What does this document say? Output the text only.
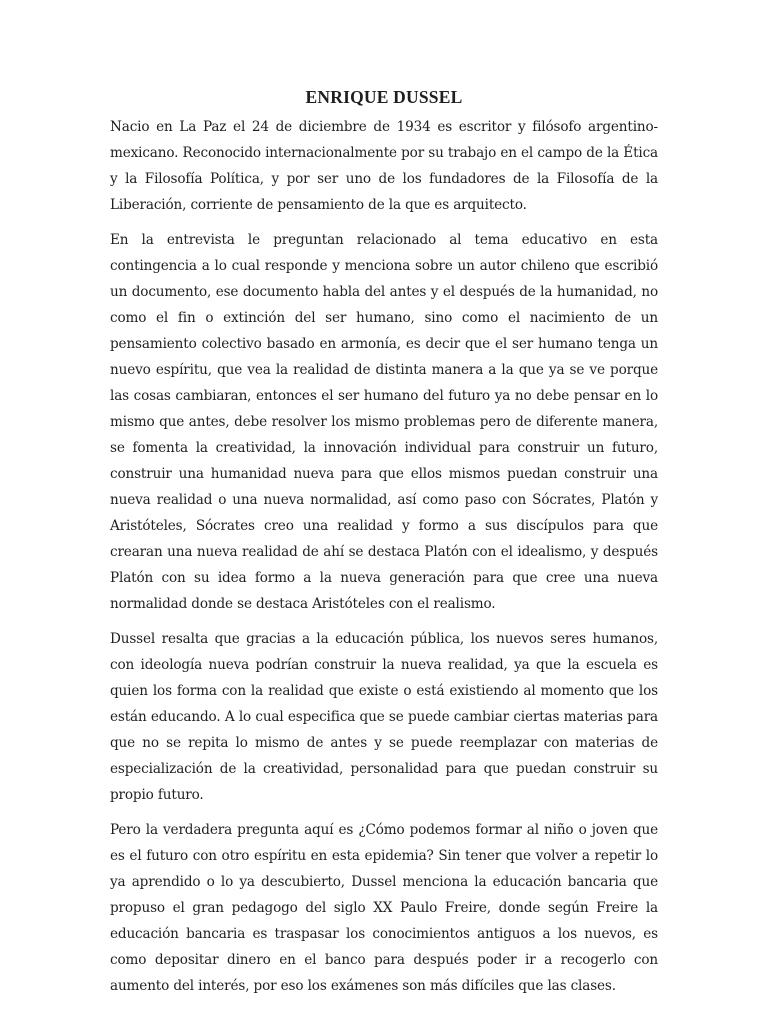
ENRIQUE DUSSEL

Nacio en La Paz el 24 de diciembre de 1934 es escritor y filósofo argentino-mexicano. Reconocido internacionalmente por su trabajo en el campo de la Ética y la Filosofía Política, y por ser uno de los fundadores de la Filosofía de la Liberación, corriente de pensamiento de la que es arquitecto.

En la entrevista le preguntan relacionado al tema educativo en esta contingencia a lo cual responde y menciona sobre un autor chileno que escribió un documento, ese documento habla del antes y el después de la humanidad, no como el fin o extinción del ser humano, sino como el nacimiento de un pensamiento colectivo basado en armonía, es decir que el ser humano tenga un nuevo espíritu, que vea la realidad de distinta manera a la que ya se ve porque las cosas cambiaran, entonces el ser humano del futuro ya no debe pensar en lo mismo que antes, debe resolver los mismo problemas pero de diferente manera, se fomenta la creatividad, la innovación individual para construir un futuro, construir una humanidad nueva para que ellos mismos puedan construir una nueva realidad o una nueva normalidad, así como paso con Sócrates, Platón y Aristóteles, Sócrates creo una realidad y formo a sus discípulos para que crearan una nueva realidad de ahí se destaca Platón con el idealismo, y después Platón con su idea formo a la nueva generación para que cree una nueva normalidad donde se destaca Aristóteles con el realismo.

Dussel resalta que gracias a la educación pública, los nuevos seres humanos, con ideología nueva podrían construir la nueva realidad, ya que la escuela es quien los forma con la realidad que existe o está existiendo al momento que los están educando. A lo cual especifica que se puede cambiar ciertas materias para que no se repita lo mismo de antes y se puede reemplazar con materias de especialización de la creatividad, personalidad para que puedan construir su propio futuro.

Pero la verdadera pregunta aquí es ¿Cómo podemos formar al niño o joven que es el futuro con otro espíritu en esta epidemia? Sin tener que volver a repetir lo ya aprendido o lo ya descubierto, Dussel menciona la educación bancaria que propuso el gran pedagogo del siglo XX Paulo Freire, donde según Freire la educación bancaria es traspasar los conocimientos antiguos a los nuevos, es como depositar dinero en el banco para después poder ir a recogerlo con aumento del interés, por eso los exámenes son más difíciles que las clases.
